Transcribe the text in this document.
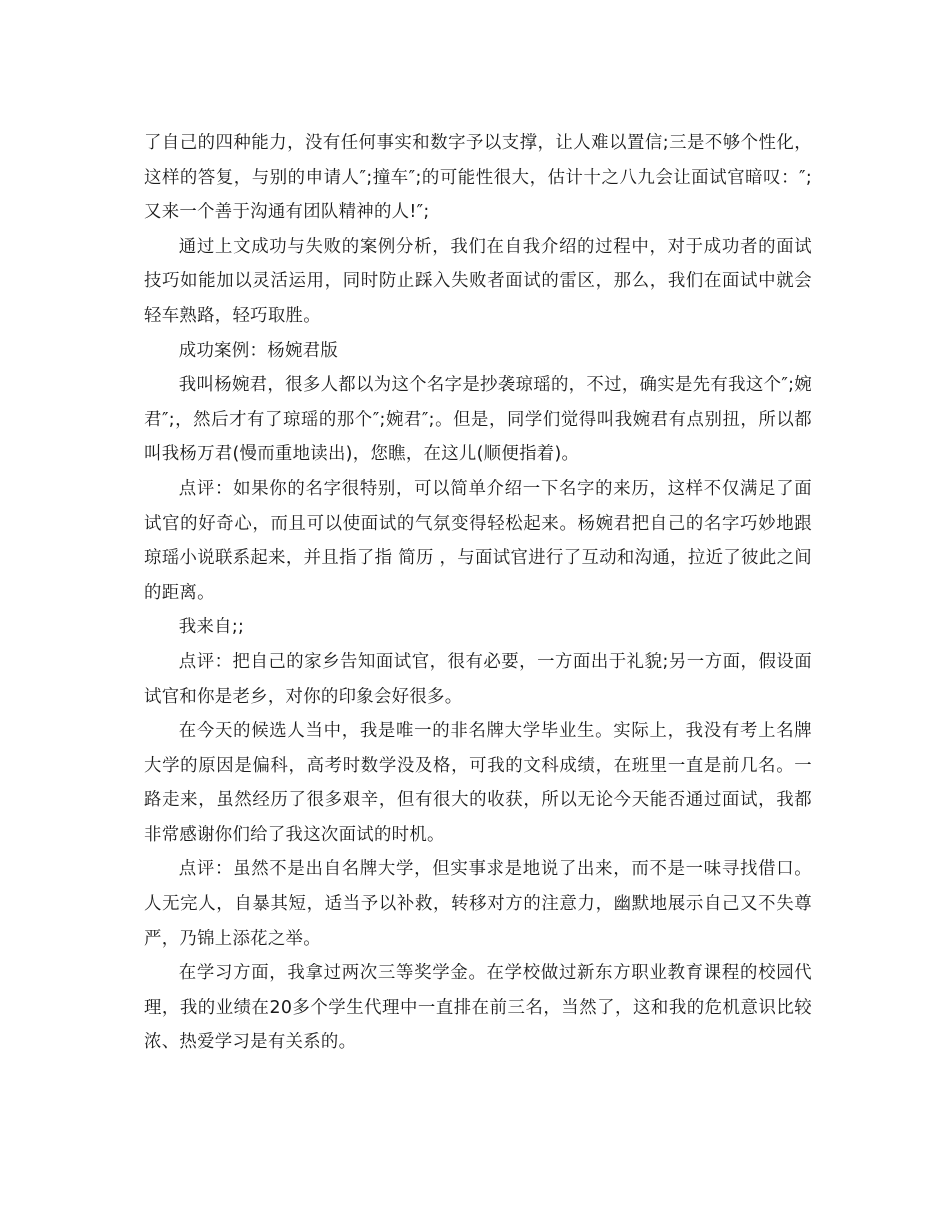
了自己的四种能力，没有任何事实和数字予以支撑，让人难以置信;三是不够个性化，这样的答复，与别的申请人″;撞车″;的可能性很大，估计十之八九会让面试官暗叹：″;又来一个善于沟通有团队精神的人!″;

通过上文成功与失败的案例分析，我们在自我介绍的过程中，对于成功者的面试技巧如能加以灵活运用，同时防止踩入失败者面试的雷区，那么，我们在面试中就会轻车熟路，轻巧取胜。

成功案例：杨婉君版

我叫杨婉君，很多人都以为这个名字是抄袭琼瑶的，不过，确实是先有我这个″;婉君″;，然后才有了琼瑶的那个″;婉君″;。但是，同学们觉得叫我婉君有点别扭，所以都叫我杨万君(慢而重地读出)，您瞧，在这儿(顺便指着)。

点评：如果你的名字很特别，可以简单介绍一下名字的来历，这样不仅满足了面试官的好奇心，而且可以使面试的气氛变得轻松起来。杨婉君把自己的名字巧妙地跟琼瑶小说联系起来，并且指了指 简历 ，与面试官进行了互动和沟通，拉近了彼此之间的距离。

我来自;;

点评：把自己的家乡告知面试官，很有必要，一方面出于礼貌;另一方面，假设面试官和你是老乡，对你的印象会好很多。

在今天的候选人当中，我是唯一的非名牌大学毕业生。实际上，我没有考上名牌大学的原因是偏科，高考时数学没及格，可我的文科成绩，在班里一直是前几名。一路走来，虽然经历了很多艰辛，但有很大的收获，所以无论今天能否通过面试，我都非常感谢你们给了我这次面试的时机。

点评：虽然不是出自名牌大学，但实事求是地说了出来，而不是一味寻找借口。人无完人，自暴其短，适当予以补救，转移对方的注意力，幽默地展示自己又不失尊严，乃锦上添花之举。

在学习方面，我拿过两次三等奖学金。在学校做过新东方职业教育课程的校园代理，我的业绩在20多个学生代理中一直排在前三名，当然了，这和我的危机意识比较浓、热爱学习是有关系的。
